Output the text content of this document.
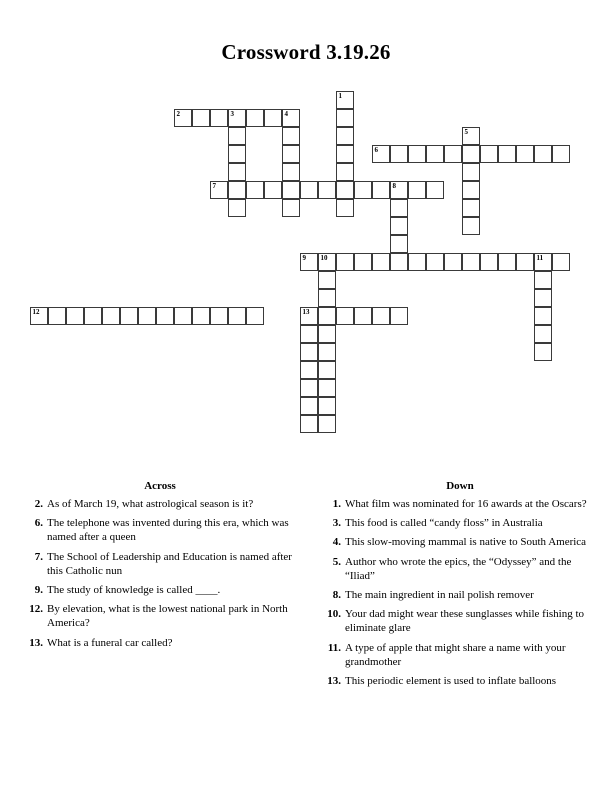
Crossword 3.19.26
1
2	3	4
5
6
7	8
9 10	11
12	13
Across
2. As of March 19, what astrological season is it?
6. The telephone was invented during this era, which was named after a queen
7. The School of Leadership and Education is named after this Catholic nun
9. The study of knowledge is called ____.
12. By elevation, what is the lowest national park in North America?
13. What is a funeral car called?
Down
1. What film was nominated for 16 awards at the Oscars?
3. This food is called “candy floss” in Australia
4. This slow-moving mammal is native to South America
5. Author who wrote the epics, the “Odyssey” and the “Iliad”
8. The main ingredient in nail polish remover
10. Your dad might wear these sunglasses while fishing to eliminate glare
11. A type of apple that might share a name with your grandmother
13. This periodic element is used to inflate balloons
